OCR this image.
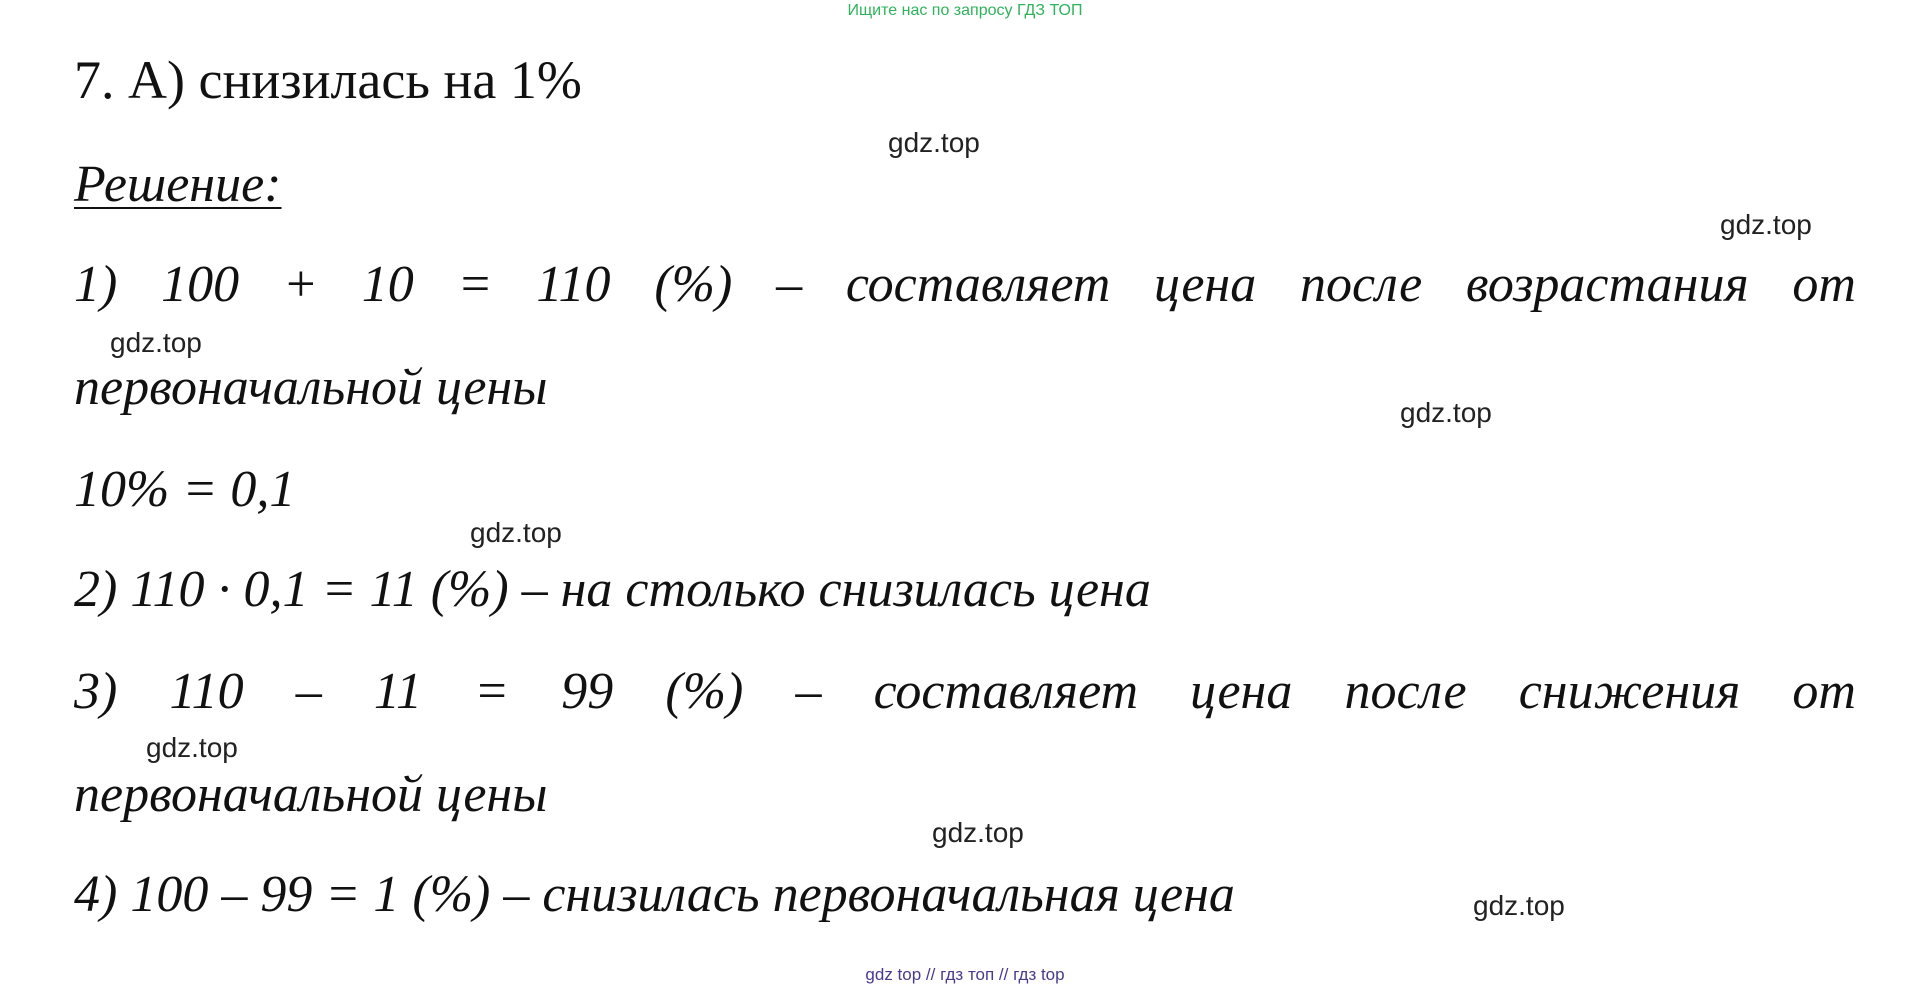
Ищите нас по запросу ГДЗ ТОП
7. А) снизилась на 1%
Решение:
1) 100 + 10 = 110 (%) – составляет цена после возрастания от
первоначальной цены
10% = 0,1
2) 110 · 0,1 = 11 (%) – на столько снизилась цена
3) 110 – 11 = 99 (%) – составляет цена после снижения от
первоначальной цены
4) 100 – 99 = 1 (%) – снизилась первоначальная цена
gdz.top
gdz.top
gdz.top
gdz.top
gdz.top
gdz.top
gdz.top
gdz.top
gdz top // гдз топ // гдз top
